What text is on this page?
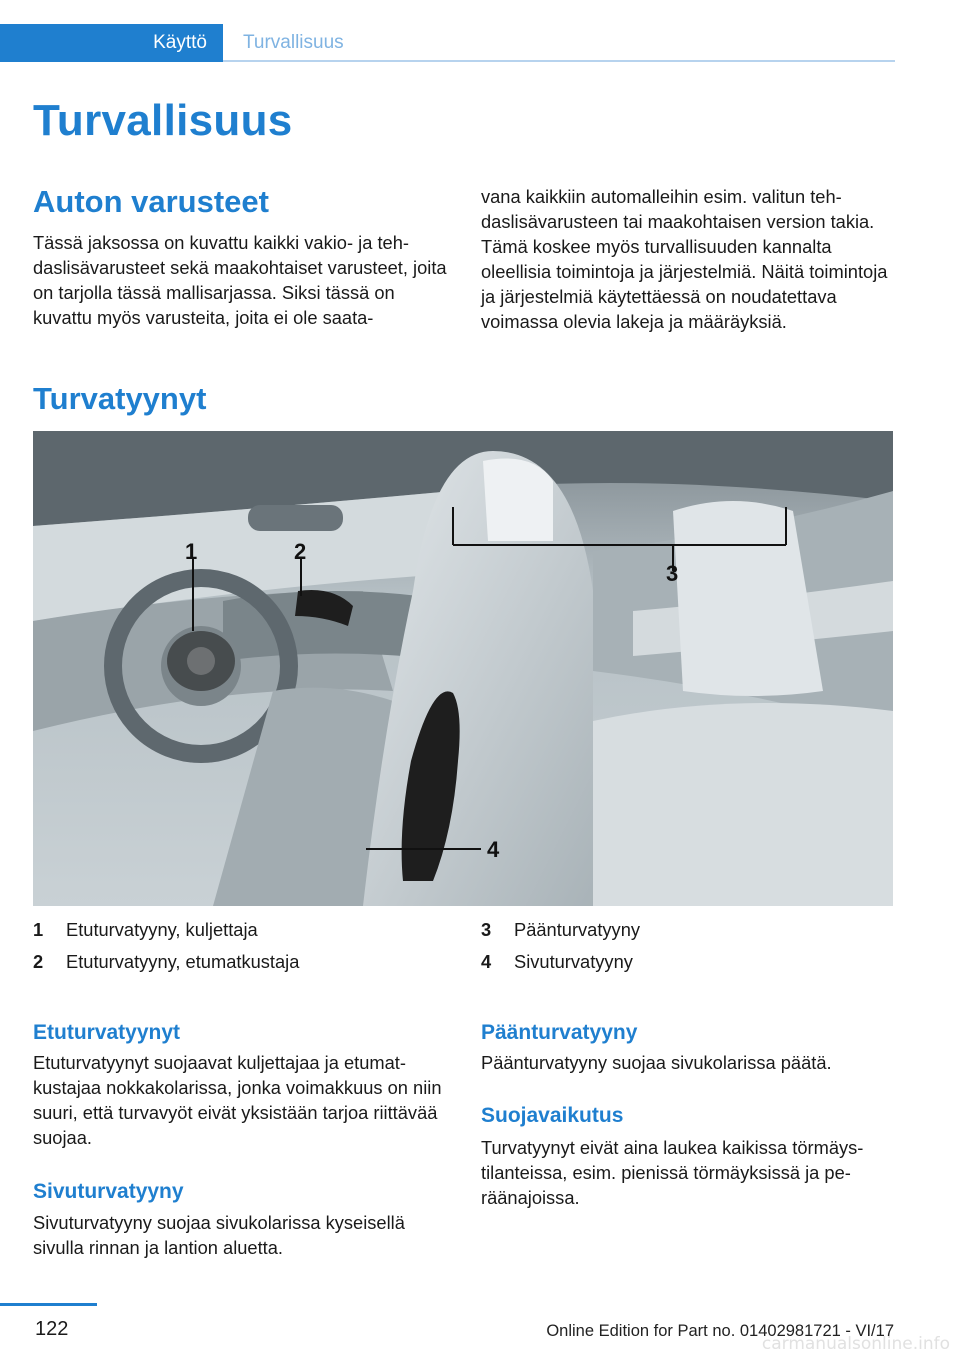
Käyttö	Turvallisuus
Turvallisuus
Auton varusteet

Tässä jaksossa on kuvattu kaikki vakio- ja tehdaslisävarusteet sekä maakohtaiset varusteet, joita on tarjolla tässä mallisarjassa. Siksi tässä on kuvattu myös varusteita, joita ei ole saata-

vana kaikkiin automalleihin esim. valitun tehdaslisävarusteen tai maakohtaisen version takia. Tämä koskee myös turvallisuuden kannalta oleellisia toimintoja ja järjestelmiä. Näitä toimintoja ja järjestelmiä käytettäessä on noudatettava voimassa olevia lakeja ja määräyksiä.

Turvatyynyt
1	2
3
4
1	Etuturvatyyny, kuljettaja
2	Etuturvatyyny, etumatkustaja
3	Päänturvatyyny
4	Sivuturvatyyny
Etuturvatyynyt

Etuturvatyynyt suojaavat kuljettajaa ja etumatkustajaa nokkakolarissa, jonka voimakkuus on niin suuri, että turvavyöt eivät yksistään tarjoa riittävää suojaa.

Sivuturvatyyny

Sivuturvatyyny suojaa sivukolarissa kyseisellä sivulla rinnan ja lantion aluetta.

Päänturvatyyny

Päänturvatyyny suojaa sivukolarissa päätä.

Suojavaikutus

Turvatyynyt eivät aina laukea kaikissa törmäystilanteissa, esim. pienissä törmäyksissä ja peräänajoissa.

122	Online Edition for Part no. 01402981721 - VI/17
carmanualsonline.info
